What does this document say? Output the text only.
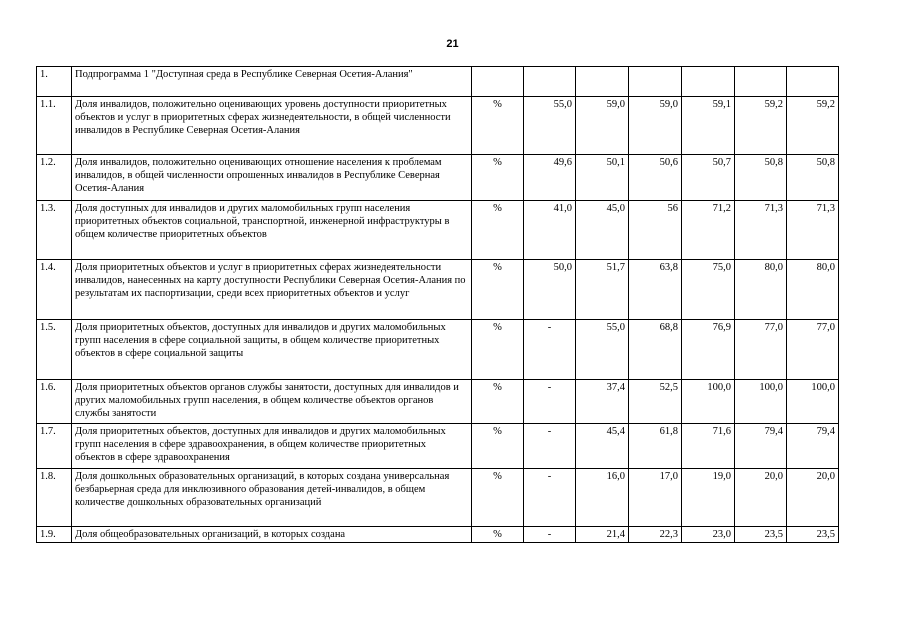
21
1.	Подпрограмма 1 "Доступная среда в Республике Северная Осетия-Алания"							
1.1.	Доля инвалидов, положительно оценивающих уровень доступности приоритетных объектов и услуг в приоритетных сферах жизнедеятельности, в общей численности инвалидов в Республике Северная Осетия-Алания	%	55,0	59,0	59,0	59,1	59,2	59,2
1.2.	Доля инвалидов, положительно оценивающих отношение населения к проблемам инвалидов, в общей численности опрошенных инвалидов в Республике Северная Осетия-Алания	%	49,6	50,1	50,6	50,7	50,8	50,8
1.3.	Доля доступных для инвалидов и других маломобильных групп населения приоритетных объектов социальной, транспортной, инженерной инфраструктуры в общем количестве приоритетных объектов	%	41,0	45,0	56	71,2	71,3	71,3
1.4.	Доля приоритетных объектов и услуг в приоритетных сферах жизнедеятельности инвалидов, нанесенных на карту доступности Республики Северная Осетия-Алания по результатам их паспортизации, среди всех приоритетных объектов и услуг	%	50,0	51,7	63,8	75,0	80,0	80,0
1.5.	Доля приоритетных объектов, доступных для инвалидов и других маломобильных групп населения в сфере социальной защиты, в общем количестве приоритетных объектов в сфере социальной защиты	%	-	55,0	68,8	76,9	77,0	77,0
1.6.	Доля приоритетных объектов органов службы занятости, доступных для инвалидов и других маломобильных групп населения, в общем количестве объектов органов службы занятости	%	-	37,4	52,5	100,0	100,0	100,0
1.7.	Доля приоритетных объектов, доступных для инвалидов и других маломобильных групп населения в сфере здравоохранения, в общем количестве приоритетных объектов в сфере здравоохранения	%	-	45,4	61,8	71,6	79,4	79,4
1.8.	Доля дошкольных образовательных организаций, в которых создана универсальная безбарьерная среда для инклюзивного образования детей-инвалидов, в общем количестве дошкольных образовательных организаций	%	-	16,0	17,0	19,0	20,0	20,0
1.9.	Доля общеобразовательных организаций, в которых создана	%	-	21,4	22,3	23,0	23,5	23,5
